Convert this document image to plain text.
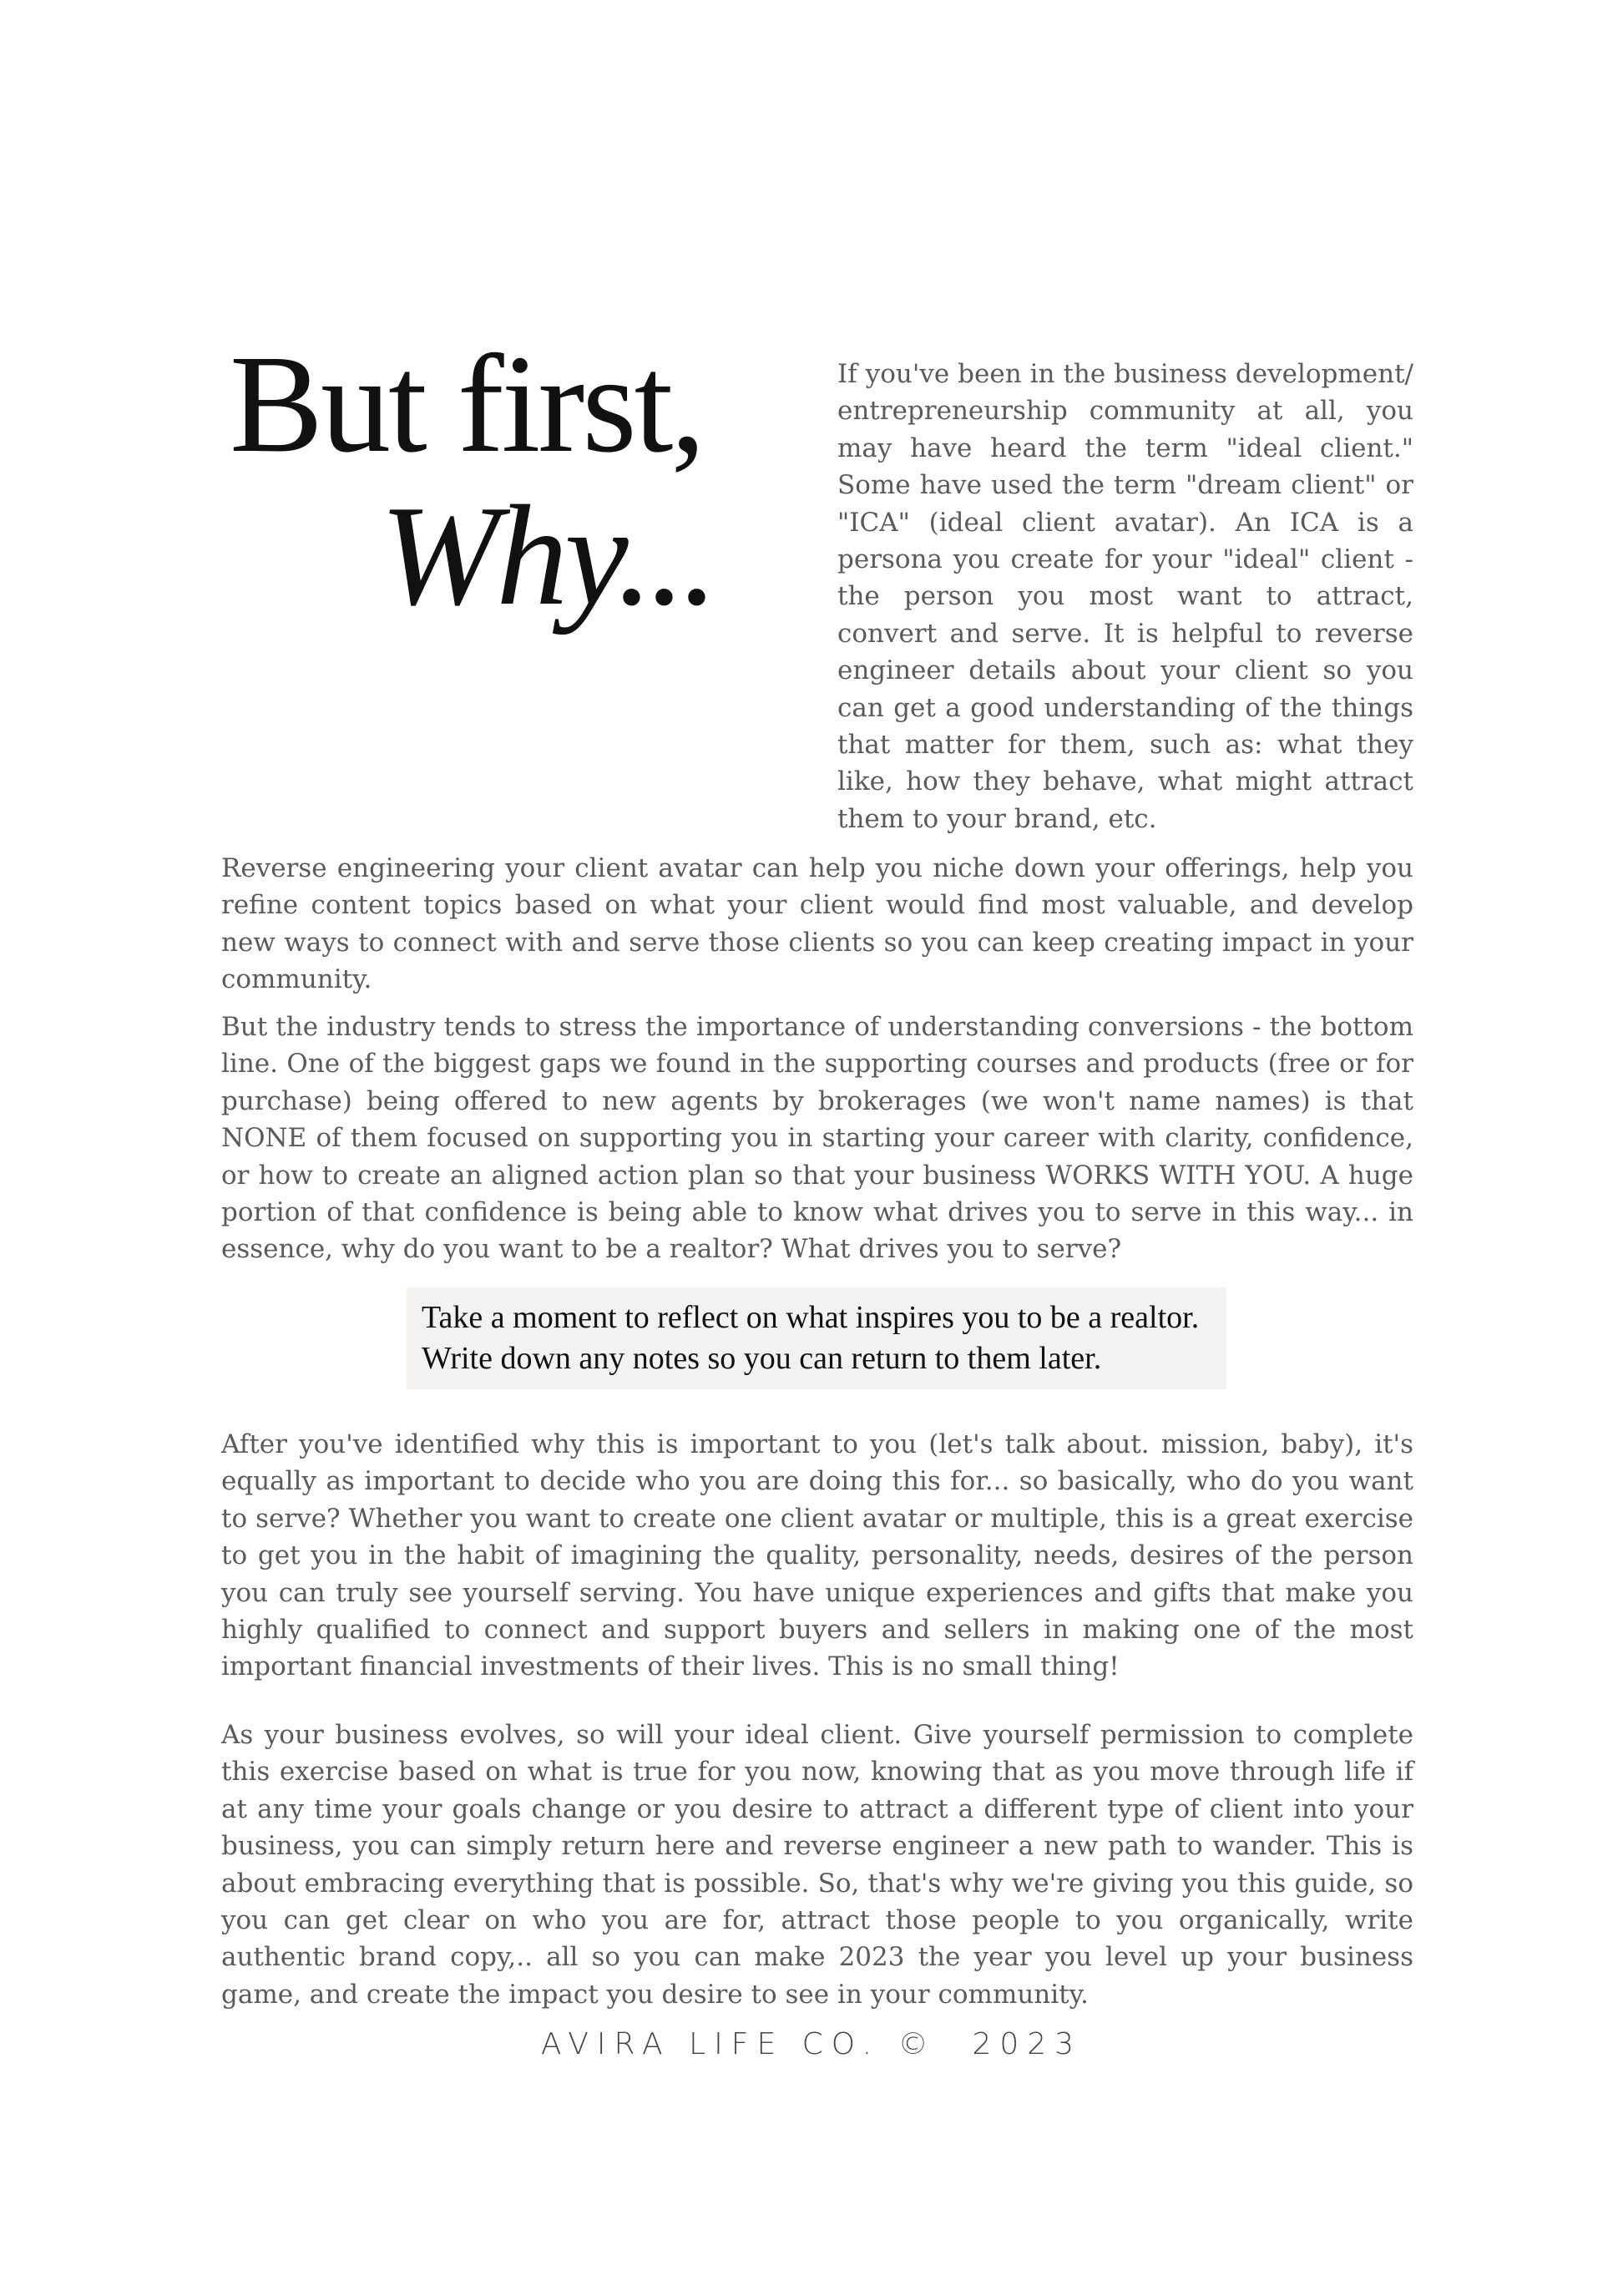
But first,
Why...

If you've been in the business development/ entrepreneurship community at all, you may have heard the term "ideal client." Some have used the term "dream client" or "ICA" (ideal client avatar). An ICA is a persona you create for your "ideal" client - the person you most want to attract, convert and serve. It is helpful to reverse engineer details about your client so you can get a good understanding of the things that matter for them, such as: what they like, how they behave, what might attract them to your brand, etc.

Reverse engineering your client avatar can help you niche down your offerings, help you refine content topics based on what your client would find most valuable, and develop new ways to connect with and serve those clients so you can keep creating impact in your community.

But the industry tends to stress the importance of understanding conversions - the bottom line. One of the biggest gaps we found in the supporting courses and products (free or for purchase) being offered to new agents by brokerages (we won't name names) is that NONE of them focused on supporting you in starting your career with clarity, confidence, or how to create an aligned action plan so that your business WORKS WITH YOU. A huge portion of that confidence is being able to know what drives you to serve in this way... in essence, why do you want to be a realtor? What drives you to serve?

Take a moment to reflect on what inspires you to be a realtor.

Write down any notes so you can return to them later.

After you've identified why this is important to you (let's talk about. mission, baby), it's equally as important to decide who you are doing this for... so basically, who do you want to serve? Whether you want to create one client avatar or multiple, this is a great exercise to get you in the habit of imagining the quality, personality, needs, desires of the person you can truly see yourself serving. You have unique experiences and gifts that make you highly qualified to connect and support buyers and sellers in making one of the most important financial investments of their lives. This is no small thing!

As your business evolves, so will your ideal client. Give yourself permission to complete this exercise based on what is true for you now, knowing that as you move through life if at any time your goals change or you desire to attract a different type of client into your business, you can simply return here and reverse engineer a new path to wander. This is about embracing everything that is possible. So, that's why we're giving you this guide, so you can get clear on who you are for, attract those people to you organically, write authentic brand copy,.. all so you can make 2023 the year you level up your business game, and create the impact you desire to see in your community.

AVIRA LIFE CO. ©  2023
